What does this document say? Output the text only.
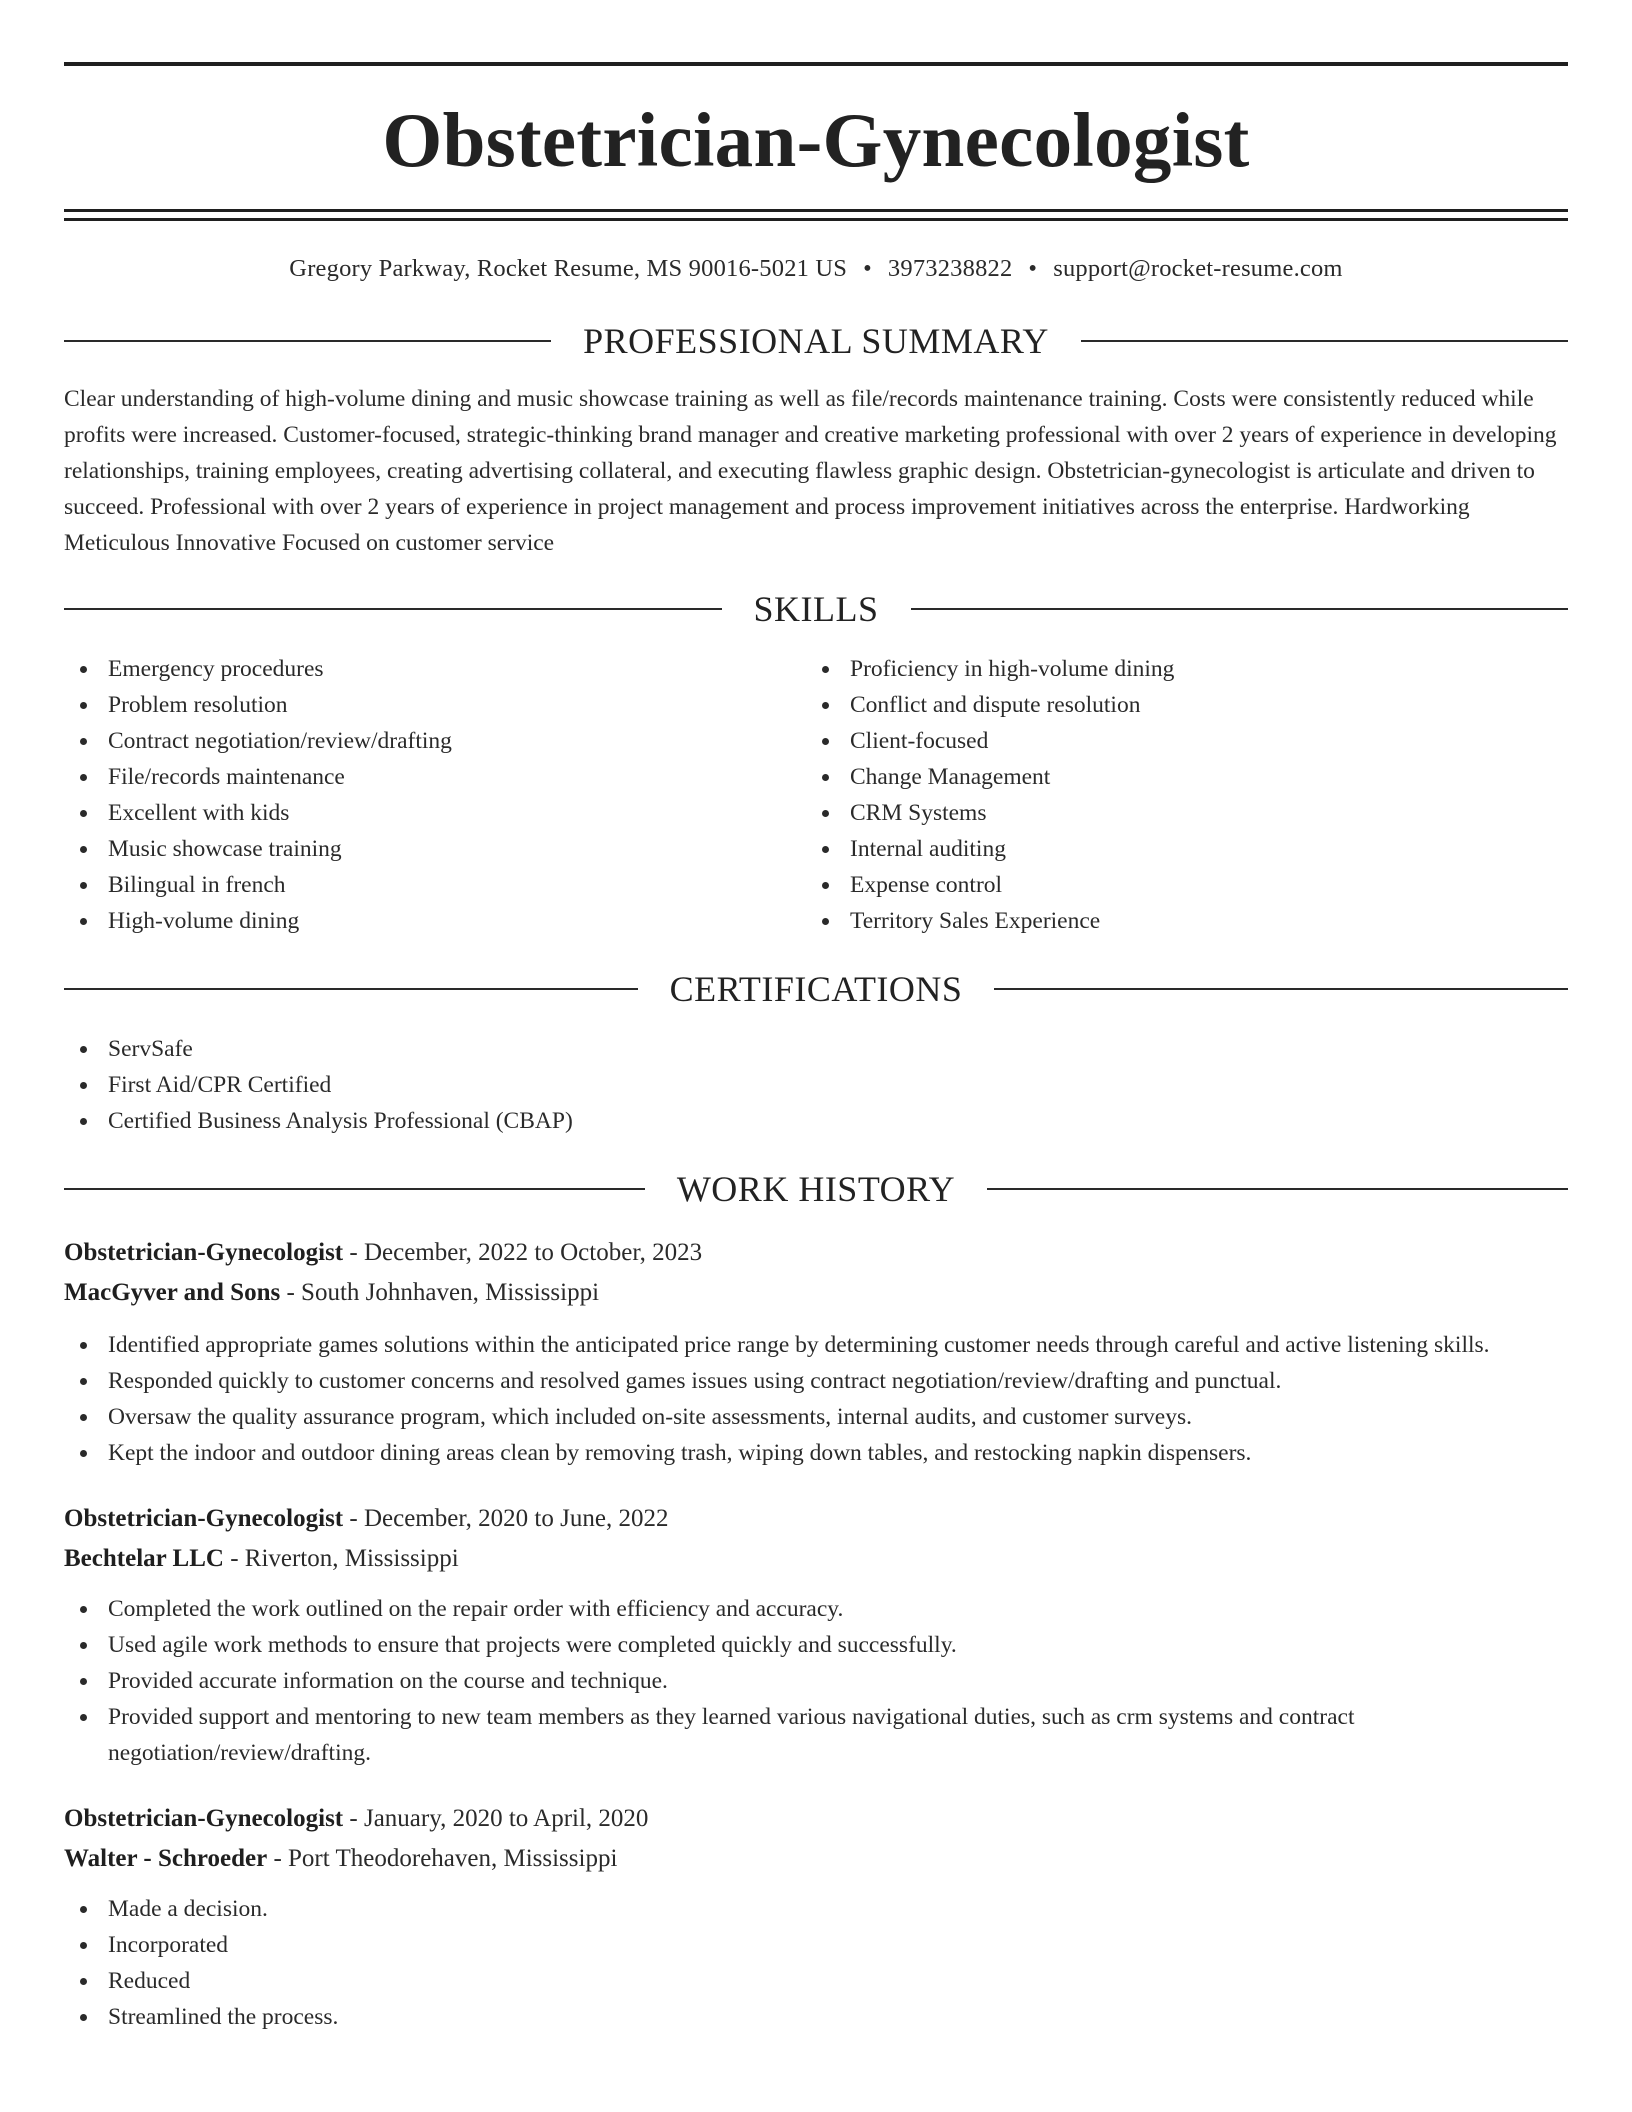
Obstetrician-Gynecologist
Gregory Parkway, Rocket Resume, MS 90016-5021 US • 3973238822 • support@rocket-resume.com
PROFESSIONAL SUMMARY

Clear understanding of high-volume dining and music showcase training as well as file/records maintenance training. Costs were consistently reduced while profits were increased. Customer-focused, strategic-thinking brand manager and creative marketing professional with over 2 years of experience in developing relationships, training employees, creating advertising collateral, and executing flawless graphic design. Obstetrician-gynecologist is articulate and driven to succeed. Professional with over 2 years of experience in project management and process improvement initiatives across the enterprise. Hardworking Meticulous Innovative Focused on customer service

SKILLS
Emergency procedures
Problem resolution
Contract negotiation/review/drafting
File/records maintenance
Excellent with kids
Music showcase training
Bilingual in french
High-volume dining
Proficiency in high-volume dining
Conflict and dispute resolution
Client-focused
Change Management
CRM Systems
Internal auditing
Expense control
Territory Sales Experience
CERTIFICATIONS
ServSafe
First Aid/CPR Certified
Certified Business Analysis Professional (CBAP)
WORK HISTORY
Obstetrician-Gynecologist - December, 2022 to October, 2023
MacGyver and Sons - South Johnhaven, Mississippi
Identified appropriate games solutions within the anticipated price range by determining customer needs through careful and active listening skills.
Responded quickly to customer concerns and resolved games issues using contract negotiation/review/drafting and punctual.
Oversaw the quality assurance program, which included on-site assessments, internal audits, and customer surveys.
Kept the indoor and outdoor dining areas clean by removing trash, wiping down tables, and restocking napkin dispensers.
Obstetrician-Gynecologist - December, 2020 to June, 2022
Bechtelar LLC - Riverton, Mississippi
Completed the work outlined on the repair order with efficiency and accuracy.
Used agile work methods to ensure that projects were completed quickly and successfully.
Provided accurate information on the course and technique.
Provided support and mentoring to new team members as they learned various navigational duties, such as crm systems and contract negotiation/review/drafting.
Obstetrician-Gynecologist - January, 2020 to April, 2020
Walter - Schroeder - Port Theodorehaven, Mississippi
Made a decision.
Incorporated
Reduced
Streamlined the process.
